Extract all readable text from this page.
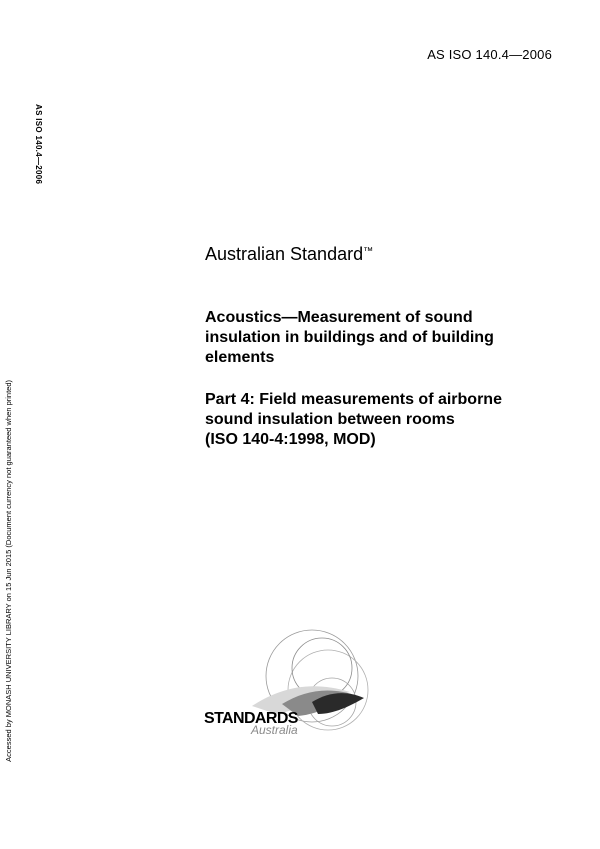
AS ISO 140.4—2006
AS ISO 140.4—2006
Accessed by MONASH UNIVERSITY LIBRARY on 15 Jun 2015 (Document currency not guaranteed when printed)
Australian Standard™
Acoustics—Measurement of sound
insulation in buildings and of building
elements
Part 4: Field measurements of airborne
sound insulation between rooms
(ISO 140-4:1998, MOD)
STANDARDS
Australia
